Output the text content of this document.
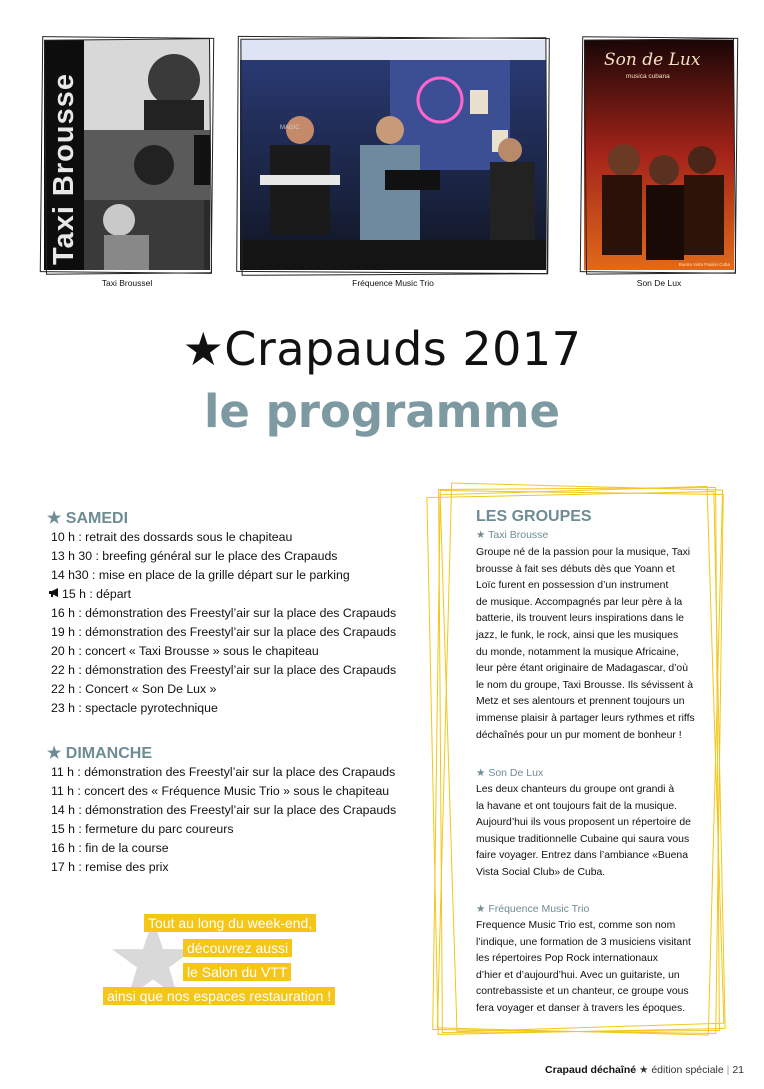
Taxi Brousse
Taxi Broussel
MAGIC
Fréquence Music Trio
Son de Lux
musica cubana
Buena Vista Pasión Cuba
Son De Lux
★Crapauds 2017
le programme
★ SAMEDI
10 h : retrait des dossards sous le chapiteau
13 h 30 : breefing général sur le place des Crapauds
14 h30 : mise en place de la grille départ sur le parking
15 h : départ
16 h : démonstration des Freestyl’air sur la place des Crapauds
19 h : démonstration des Freestyl’air sur la place des Crapauds
20 h : concert « Taxi Brousse » sous le chapiteau
22 h : démonstration des Freestyl’air sur la place des Crapauds
22 h : Concert « Son De Lux »
23 h : spectacle pyrotechnique
★ DIMANCHE
11 h : démonstration des Freestyl’air sur la place des Crapauds
11 h : concert des « Fréquence Music Trio » sous le chapiteau
14 h : démonstration des Freestyl’air sur la place des Crapauds
15 h : fermeture du parc coureurs
16 h : fin de la course
17 h : remise des prix
Tout au long du week-end,
découvrez aussi
le Salon du VTT
ainsi que nos espaces restauration !
LES GROUPES
★ Taxi Brousse
Groupe né de la passion pour la musique, Taxi
brousse à fait ses débuts dès que Yoann et
Loïc furent en possession d’un instrument
de musique. Accompagnés par leur père à la
batterie, ils trouvent leurs inspirations dans le
jazz, le funk, le rock, ainsi que les musiques
du monde, notamment la musique Africaine,
leur père étant originaire de Madagascar, d’où
le nom du groupe, Taxi Brousse. Ils sévissent à
Metz et ses alentours et prennent toujours un
immense plaisir à partager leurs rythmes et riffs
déchaînés pour un pur moment de bonheur !
★ Son De Lux
Les deux chanteurs du groupe ont grandi à
la havane et ont toujours fait de la musique.
Aujourd’hui ils vous proposent un répertoire de
musique traditionnelle Cubaine qui saura vous
faire voyager. Entrez dans l’ambiance «Buena
Vista Social Club» de Cuba.
★ Fréquence Music Trio
Frequence Music Trio est, comme son nom
l’indique, une formation de 3 musiciens visitant
les répertoires Pop Rock internationaux
d’hier et d’aujourd’hui. Avec un guitariste, un
contrebassiste et un chanteur, ce groupe vous
fera voyager et danser à travers les époques.
Crapaud déchaîné ★ édition spéciale | 21
